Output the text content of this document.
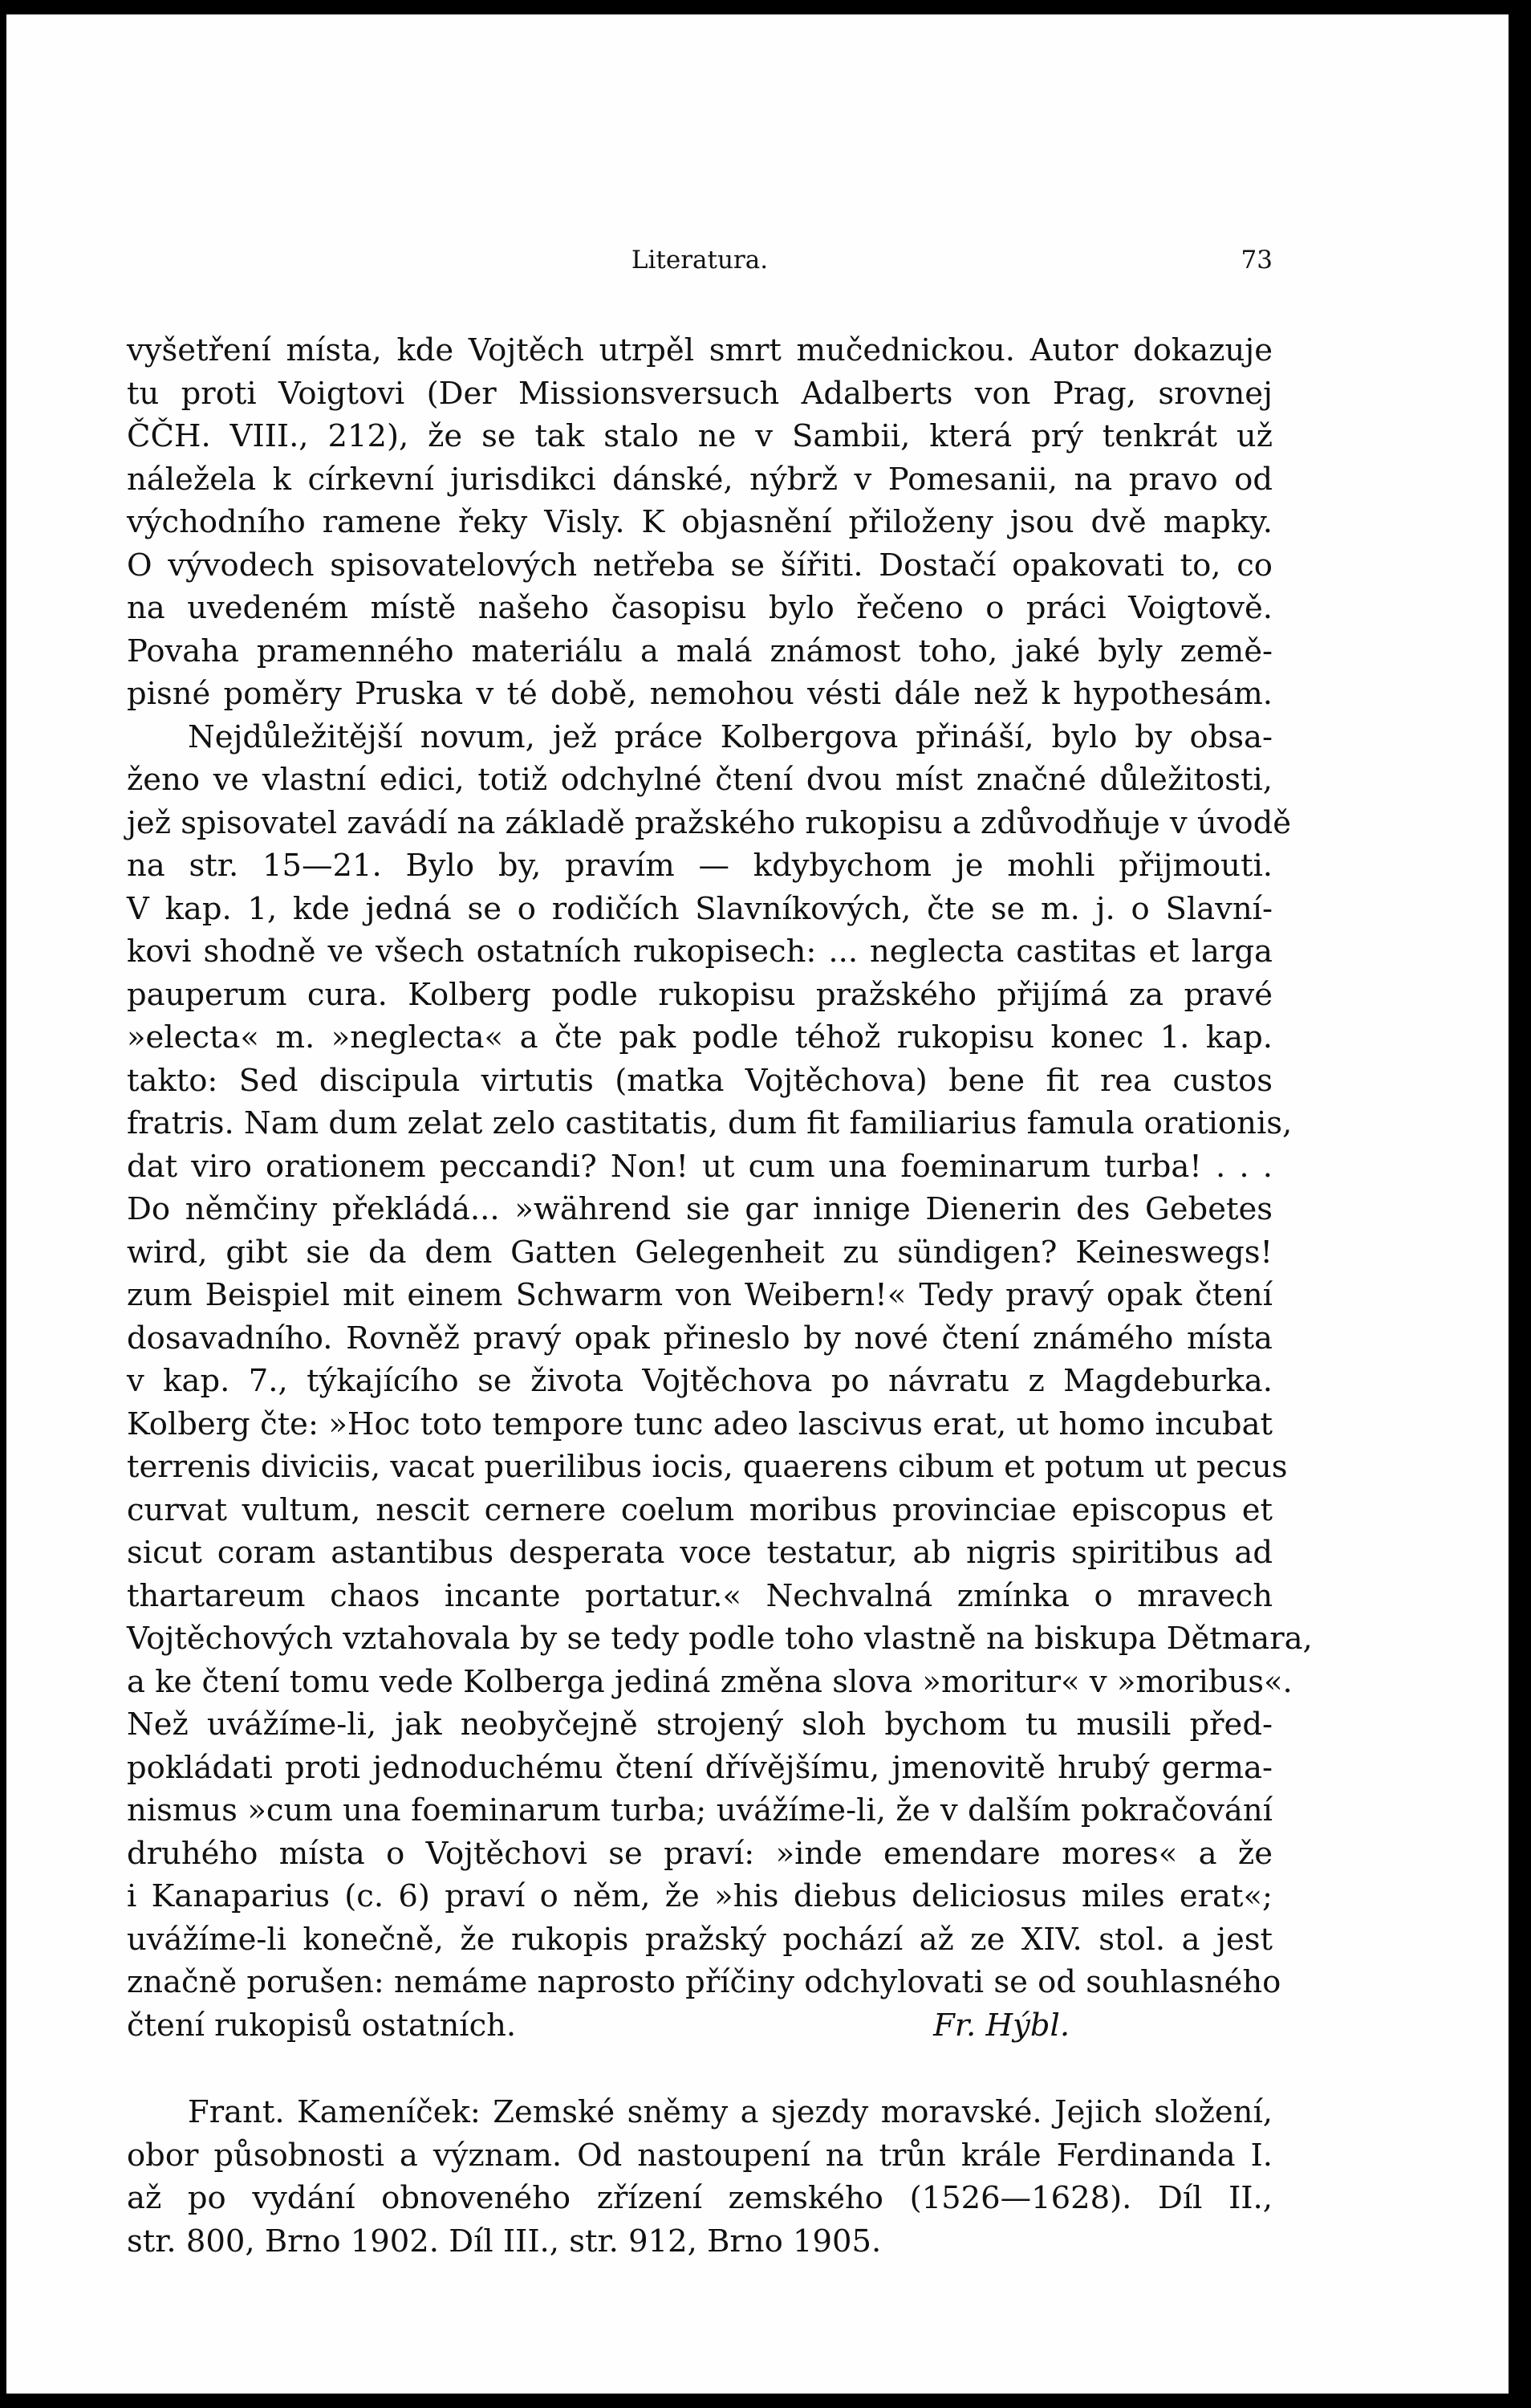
Literatura.	73
vyšetření místa, kde Vojtěch utrpěl smrt mučednickou. Autor dokazuje
tu proti Voigtovi (Der Missionsversuch Adalberts von Prag, srovnej
ČČH. VIII., 212), že se tak stalo ne v Sambii, která prý tenkrát už
náležela k církevní jurisdikci dánské, nýbrž v Pomesanii, na pravo od
východního ramene řeky Visly. K objasnění přiloženy jsou dvě mapky.
O vývodech spisovatelových netřeba se šířiti. Dostačí opakovati to, co
na uvedeném místě našeho časopisu bylo řečeno o práci Voigtově.
Povaha pramenného materiálu a malá známost toho, jaké byly země-
pisné poměry Pruska v té době, nemohou vésti dále než k hypothesám.
Nejdůležitější novum, jež práce Kolbergova přináší, bylo by obsa-
ženo ve vlastní edici, totiž odchylné čtení dvou míst značné důležitosti,
jež spisovatel zavádí na základě pražského rukopisu a zdůvodňuje v úvodě
na str. 15—21. Bylo by, pravím — kdybychom je mohli přijmouti.
V kap. 1, kde jedná se o rodičích Slavníkových, čte se m. j. o Slavní-
kovi shodně ve všech ostatních rukopisech: ... neglecta castitas et larga
pauperum cura. Kolberg podle rukopisu pražského přijímá za pravé
»electa« m. »neglecta« a čte pak podle téhož rukopisu konec 1. kap.
takto: Sed discipula virtutis (matka Vojtěchova) bene fit rea custos
fratris. Nam dum zelat zelo castitatis, dum fit familiarius famula orationis,
dat viro orationem peccandi? Non! ut cum una foeminarum turba! . . .
Do němčiny překládá... »während sie gar innige Dienerin des Gebetes
wird, gibt sie da dem Gatten Gelegenheit zu sündigen? Keineswegs!
zum Beispiel mit einem Schwarm von Weibern!« Tedy pravý opak čtení
dosavadního. Rovněž pravý opak přineslo by nové čtení známého místa
v kap. 7., týkajícího se života Vojtěchova po návratu z Magdeburka.
Kolberg čte: »Hoc toto tempore tunc adeo lascivus erat, ut homo incubat
terrenis diviciis, vacat puerilibus iocis, quaerens cibum et potum ut pecus
curvat vultum, nescit cernere coelum moribus provinciae episcopus et
sicut coram astantibus desperata voce testatur, ab nigris spiritibus ad
thartareum chaos incante portatur.« Nechvalná zmínka o mravech
Vojtěchových vztahovala by se tedy podle toho vlastně na biskupa Dětmara,
a ke čtení tomu vede Kolberga jediná změna slova »moritur« v »moribus«.
Než uvážíme-li, jak neobyčejně strojený sloh bychom tu musili před-
pokládati proti jednoduchému čtení dřívějšímu, jmenovitě hrubý germa-
nismus »cum una foeminarum turba; uvážíme-li, že v dalším pokračování
druhého místa o Vojtěchovi se praví: »inde emendare mores« a že
i Kanaparius (c. 6) praví o něm, že »his diebus deliciosus miles erat«;
uvážíme-li konečně, že rukopis pražský pochází až ze XIV. stol. a jest
značně porušen: nemáme naprosto příčiny odchylovati se od souhlasného
čtení rukopisů ostatních.	Fr. Hýbl.
Frant. Kameníček: Zemské sněmy a sjezdy moravské. Jejich složení,
obor působnosti a význam. Od nastoupení na trůn krále Ferdinanda I.
až po vydání obnoveného zřízení zemského (1526—1628). Díl II.,
str. 800, Brno 1902. Díl III., str. 912, Brno 1905.
